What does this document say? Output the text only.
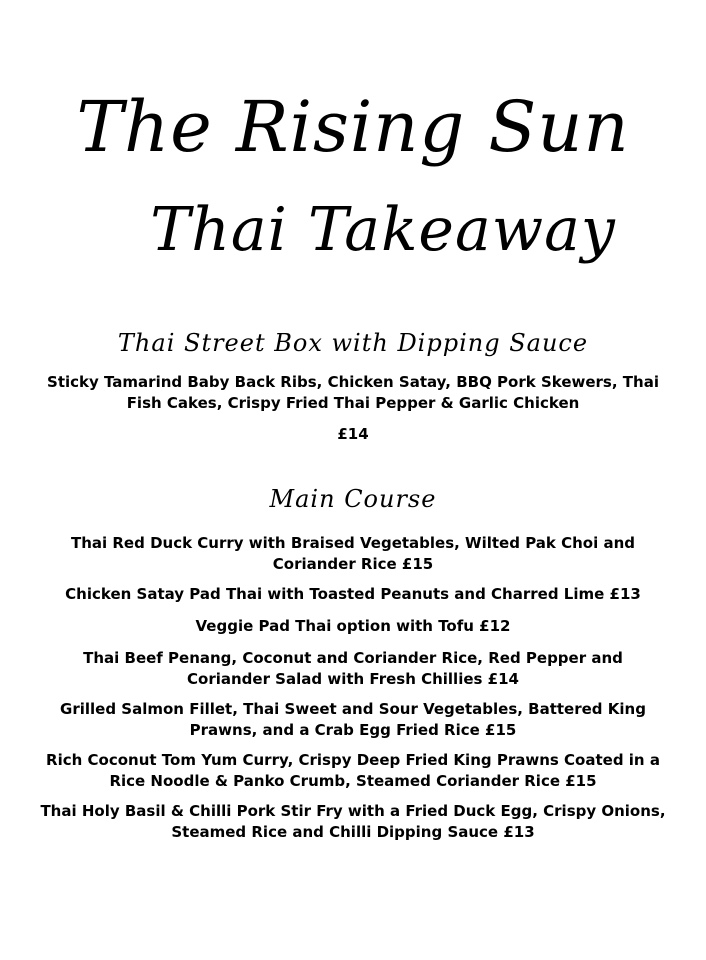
The Rising Sun
Thai Takeaway
Thai Street Box with Dipping Sauce
Sticky Tamarind Baby Back Ribs, Chicken Satay, BBQ Pork Skewers, Thai Fish Cakes, Crispy Fried Thai Pepper & Garlic Chicken
£14
Main Course
Thai Red Duck Curry with Braised Vegetables, Wilted Pak Choi and Coriander Rice £15
Chicken Satay Pad Thai with Toasted Peanuts and Charred Lime £13
Veggie Pad Thai option with Tofu £12
Thai Beef Penang, Coconut and Coriander Rice, Red Pepper and Coriander Salad with Fresh Chillies £14
Grilled Salmon Fillet, Thai Sweet and Sour Vegetables, Battered King Prawns, and a Crab Egg Fried Rice £15
Rich Coconut Tom Yum Curry, Crispy Deep Fried King Prawns Coated in a Rice Noodle & Panko Crumb, Steamed Coriander Rice £15
Thai Holy Basil & Chilli Pork Stir Fry with a Fried Duck Egg, Crispy Onions, Steamed Rice and Chilli Dipping Sauce £13
